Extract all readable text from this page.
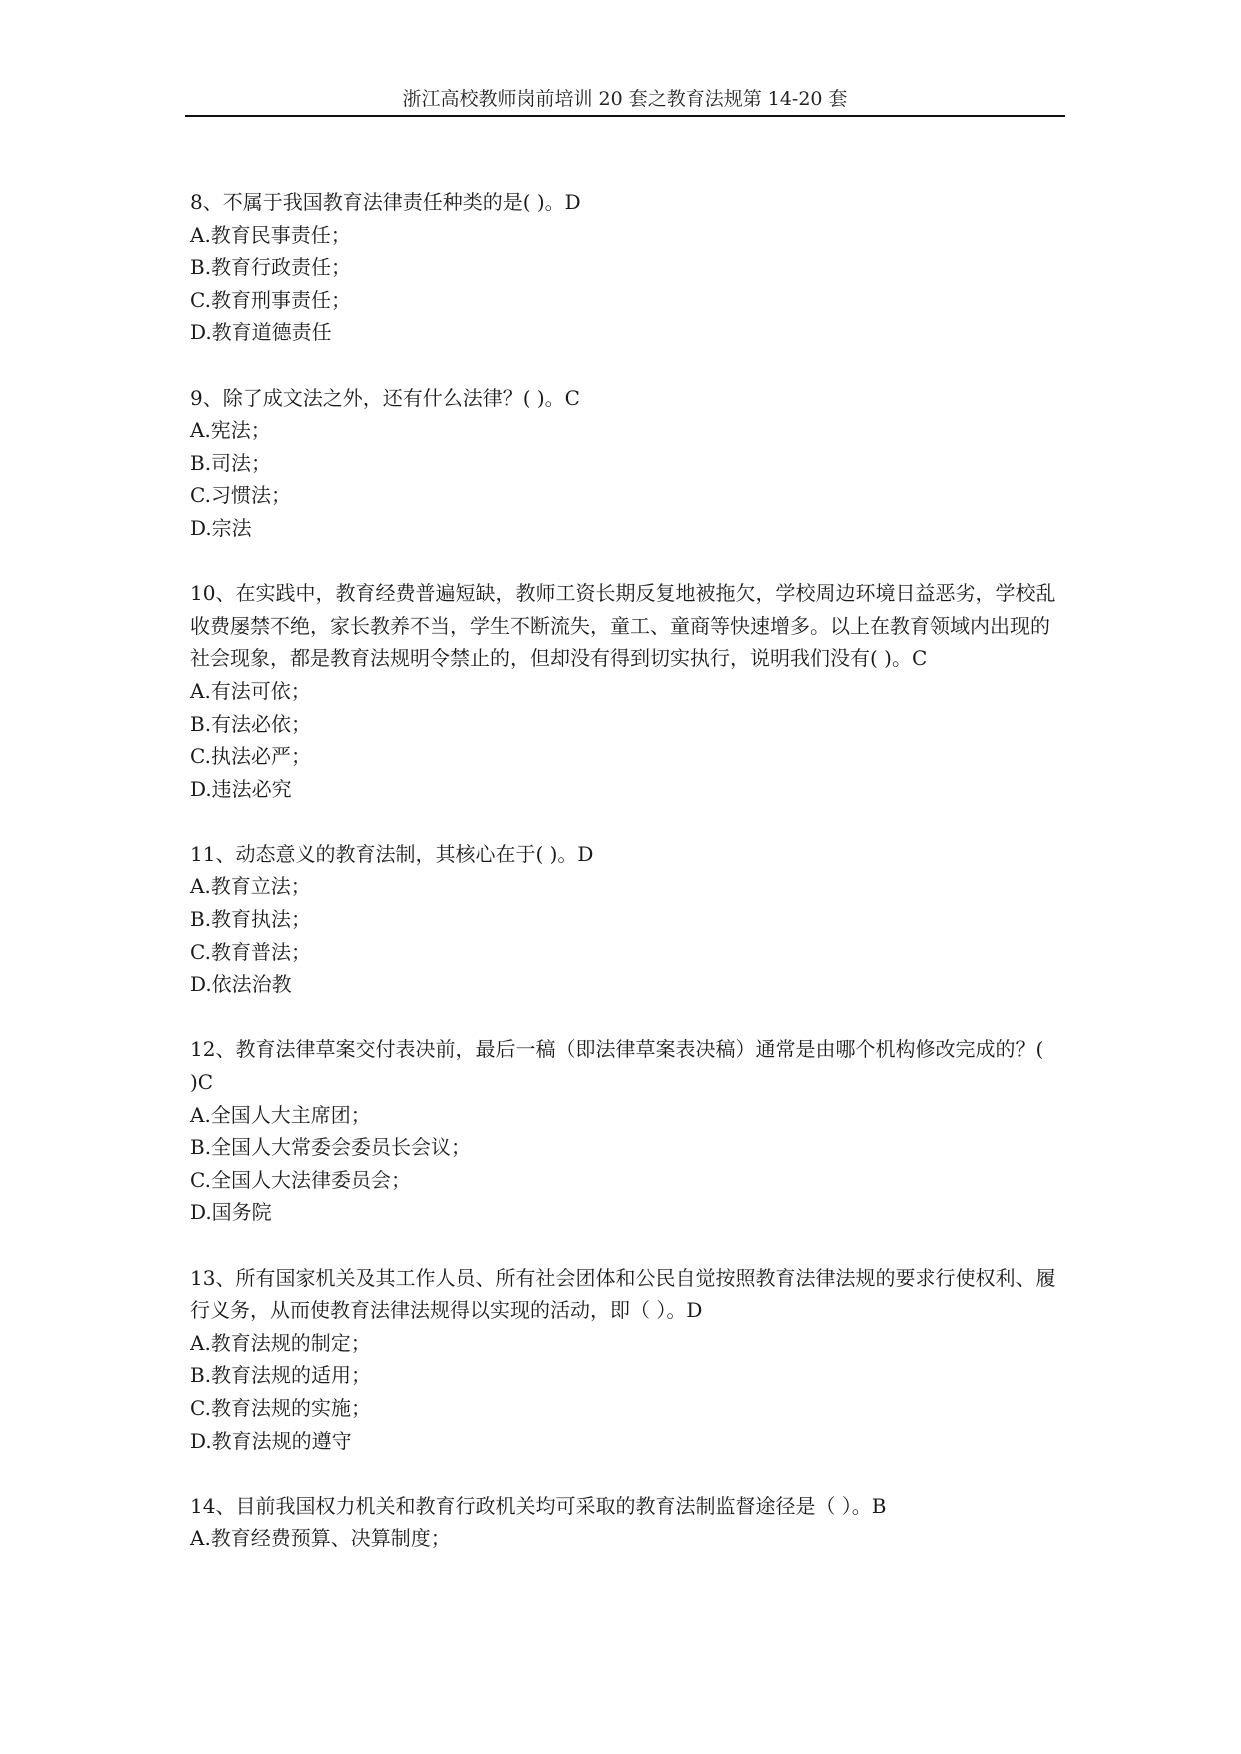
浙江高校教师岗前培训 20 套之教育法规第 14-20 套

8、不属于我国教育法律责任种类的是( )。D

A.教育民事责任；

B.教育行政责任；

C.教育刑事责任；

D.教育道德责任

9、除了成文法之外，还有什么法律？( )。C

A.宪法；

B.司法；

C.习惯法；

D.宗法

10、在实践中，教育经费普遍短缺，教师工资长期反复地被拖欠，学校周边环境日益恶劣，学校乱收费屡禁不绝，家长教养不当，学生不断流失，童工、童商等快速增多。以上在教育领域内出现的社会现象，都是教育法规明令禁止的，但却没有得到切实执行，说明我们没有( )。C

A.有法可依；

B.有法必依；

C.执法必严；

D.违法必究

11、动态意义的教育法制，其核心在于( )。D

A.教育立法；

B.教育执法；

C.教育普法；

D.依法治教

12、教育法律草案交付表决前，最后一稿（即法律草案表决稿）通常是由哪个机构修改完成的？( )C

A.全国人大主席团；

B.全国人大常委会委员长会议；

C.全国人大法律委员会；

D.国务院

13、所有国家机关及其工作人员、所有社会团体和公民自觉按照教育法律法规的要求行使权利、履行义务，从而使教育法律法规得以实现的活动，即（ ）。D

A.教育法规的制定；

B.教育法规的适用；

C.教育法规的实施；

D.教育法规的遵守

14、目前我国权力机关和教育行政机关均可采取的教育法制监督途径是（ ）。B

A.教育经费预算、决算制度；
